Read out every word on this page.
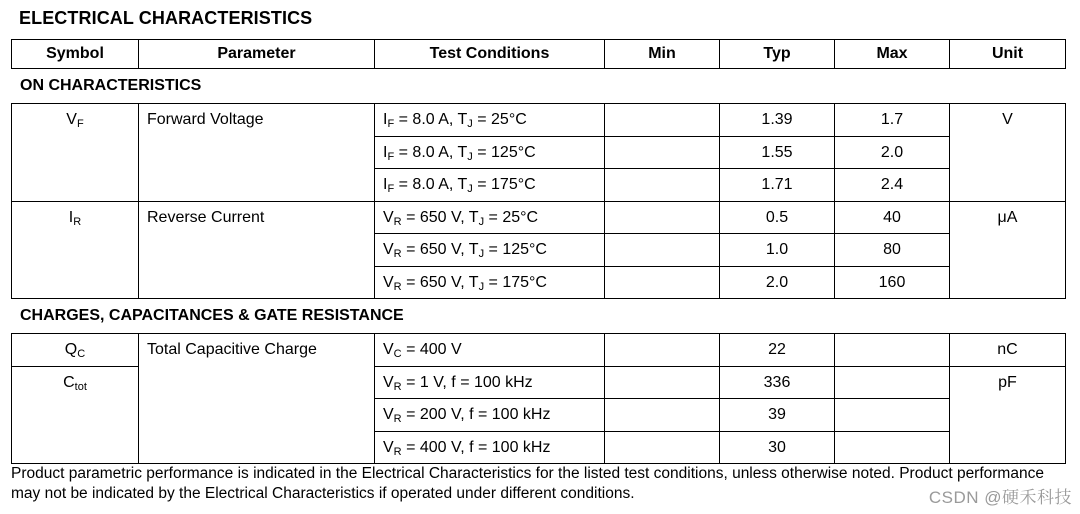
ELECTRICAL CHARACTERISTICS
Symbol	Parameter	Test Conditions	Min	Typ	Max	Unit
ON CHARACTERISTICS						
$V_F$	Forward Voltage	$I_F = 8.0$ A, $T_J = 25^\circ C$		1.39	1.7	V
		$I_F = 8.0$ A, $T_J = 125^\circ C$		1.55	2.0	
		$I_F = 8.0$ A, $T_J = 175^\circ C$		1.71	2.4	
$I_R$	Reverse Current	$V_R = 650$ V, $T_J = 25^\circ C$		0.5	40	μA
		$V_R = 650$ V, $T_J = 125^\circ C$		1.0	80	
		$V_R = 650$ V, $T_J = 175^\circ C$		2.0	160	
CHARGES, CAPACITANCES & GATE RESISTANCE						
$Q_C$	Total Capacitive Charge	$V_C = 400$ V		22		nC
$C_{tot}$		$V_R = 1$ V, f = 100 kHz		336		pF
		$V_R = 200$ V, f = 100 kHz		39		
		$V_R = 400$ V, f = 100 kHz		30		
Product parametric performance is indicated in the Electrical Characteristics for the listed test conditions, unless otherwise noted. Product performance may not be indicated by the Electrical Characteristics if operated under different conditions.	CSDN @硬禾科技
